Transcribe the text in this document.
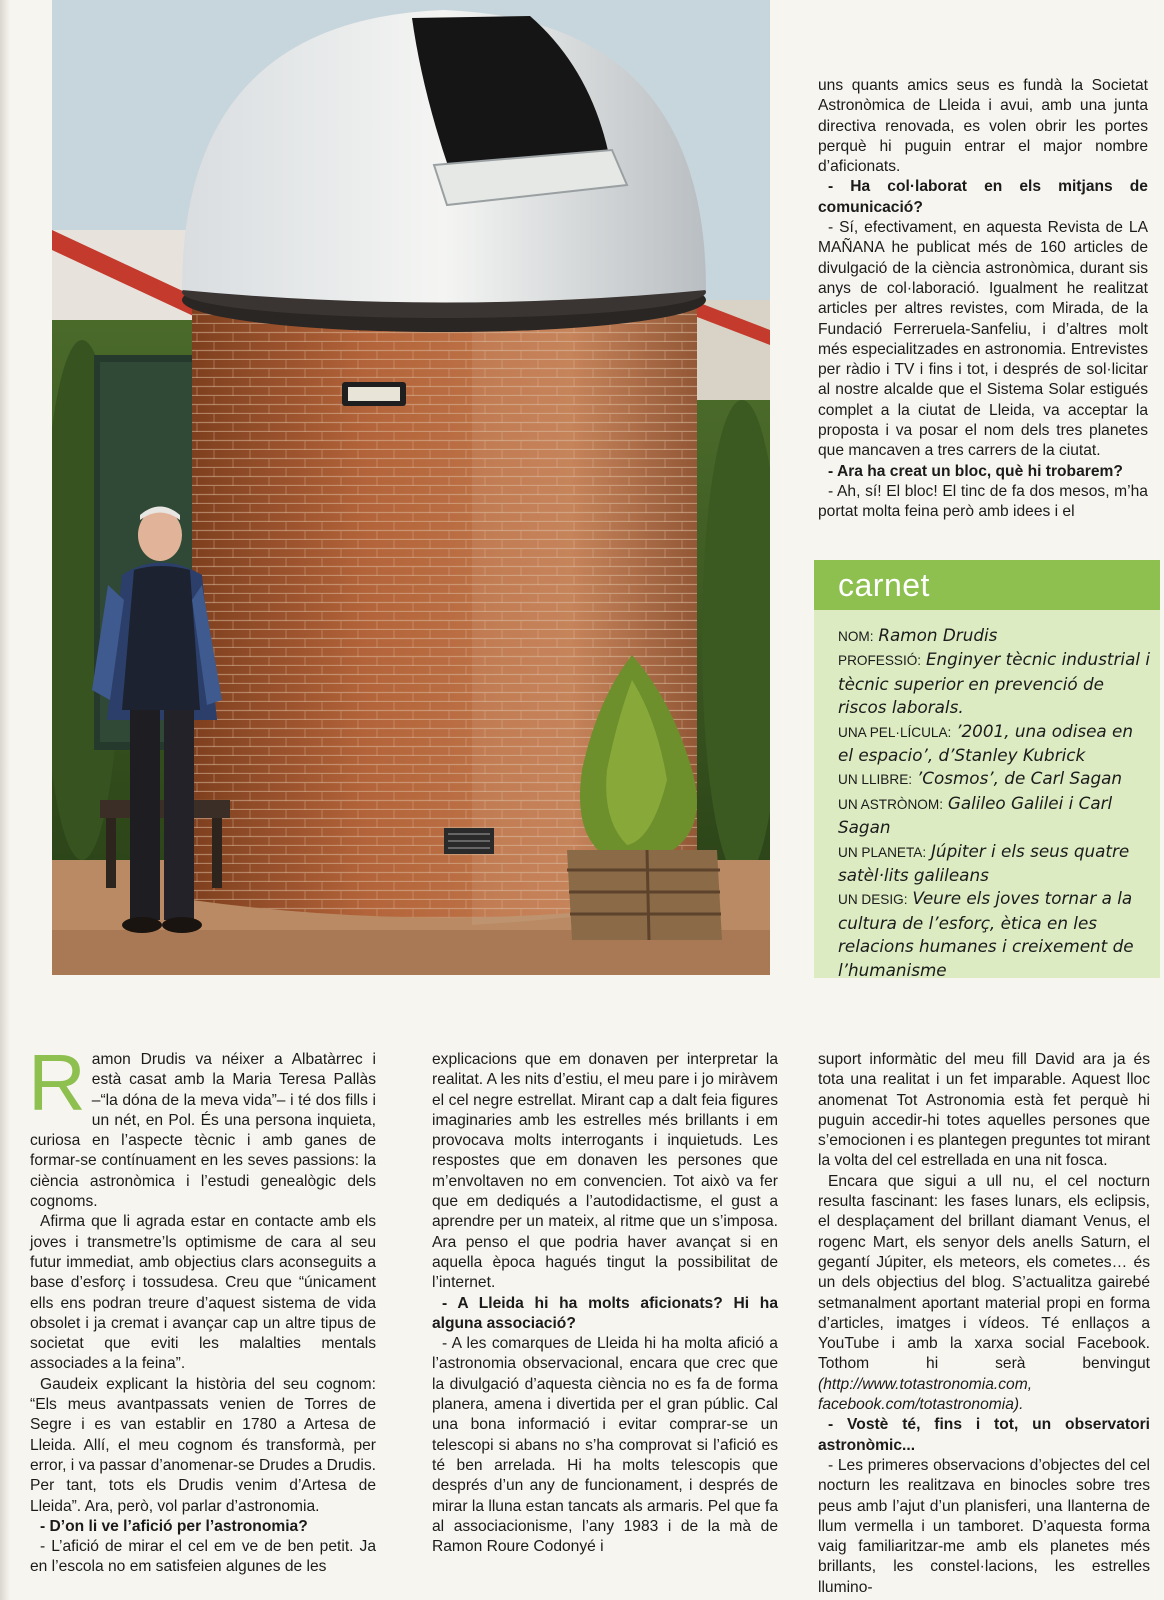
uns quants amics seus es fundà la Societat Astronòmica de Lleida i avui, amb una junta directiva renovada, es volen obrir les portes perquè hi puguin entrar el major nombre d’aficionats.

- Ha col·laborat en els mitjans de comunicació?

- Sí, efectivament, en aquesta Revista de LA MAÑANA he publicat més de 160 articles de divulgació de la ciència astronòmica, durant sis anys de col·laboració. Igualment he realitzat articles per altres revistes, com Mirada, de la Fundació Ferreruela-Sanfeliu, i d’altres molt més especialitzades en astronomia. Entrevistes per ràdio i TV i fins i tot, i després de sol·licitar al nostre alcalde que el Sistema Solar estigués complet a la ciutat de Lleida, va acceptar la proposta i va posar el nom dels tres planetes que mancaven a tres carrers de la ciutat.

- Ara ha creat un bloc, què hi trobarem?

- Ah, sí! El bloc! El tinc de fa dos mesos, m’ha portat molta feina però amb idees i el

carnet

NOM: Ramon Drudis

PROFESSIÓ: Enginyer tècnic industrial i tècnic superior en prevenció de riscos laborals.

UNA PEL·LÍCULA: ’2001, una odisea en el espacio’, d’Stanley Kubrick

UN LLIBRE: ’Cosmos’, de Carl Sagan

UN ASTRÒNOM: Galileo Galilei i Carl Sagan

UN PLANETA: Júpiter i els seus quatre satèl·lits galileans

UN DESIG: Veure els joves tornar a la cultura de l’esforç, ètica en les relacions humanes i creixement de l’humanisme

Ramon Drudis va néixer a Albatàrrec i està casat amb la Maria Teresa Pallàs –“la dóna de la meva vida”– i té dos fills i un nét, en Pol. És una persona inquieta, curiosa en l’aspecte tècnic i amb ganes de formar-se contínuament en les seves passions: la ciència astronòmica i l’estudi genealògic dels cognoms.

Afirma que li agrada estar en contacte amb els joves i transmetre’ls optimisme de cara al seu futur immediat, amb objectius clars aconseguits a base d’esforç i tossudesa. Creu que “únicament ells ens podran treure d’aquest sistema de vida obsolet i ja cremat i avançar cap un altre tipus de societat que eviti les malalties mentals associades a la feina”.

Gaudeix explicant la història del seu cognom: “Els meus avantpassats venien de Torres de Segre i es van establir en 1780 a Artesa de Lleida. Allí, el meu cognom és transformà, per error, i va passar d’anomenar-se Drudes a Drudis. Per tant, tots els Drudis venim d’Artesa de Lleida”. Ara, però, vol parlar d’astronomia.

- D’on li ve l’afició per l’astronomia?

- L’afició de mirar el cel em ve de ben petit. Ja en l’escola no em satisfeien algunes de les

explicacions que em donaven per interpretar la realitat. A les nits d’estiu, el meu pare i jo miràvem el cel negre estrellat. Mirant cap a dalt feia figures imaginaries amb les estrelles més brillants i em provocava molts interrogants i inquietuds. Les respostes que em donaven les persones que m’envoltaven no em convencien. Tot això va fer que em dediqués a l’autodidactisme, el gust a aprendre per un mateix, al ritme que un s’imposa. Ara penso el que podria haver avançat si en aquella època hagués tingut la possibilitat de l’internet.

- A Lleida hi ha molts aficionats? Hi ha alguna associació?

- A les comarques de Lleida hi ha molta afició a l’astronomia observacional, encara que crec que la divulgació d’aquesta ciència no es fa de forma planera, amena i divertida per el gran públic. Cal una bona informació i evitar comprar-se un telescopi si abans no s’ha comprovat si l’afició es té ben arrelada. Hi ha molts telescopis que després d’un any de funcionament, i després de mirar la lluna estan tancats als armaris. Pel que fa al associacionisme, l’any 1983 i de la mà de Ramon Roure Codonyé i

suport informàtic del meu fill David ara ja és tota una realitat i un fet imparable. Aquest lloc anomenat Tot Astronomia està fet perquè hi puguin accedir-hi totes aquelles persones que s’emocionen i es plantegen preguntes tot mirant la volta del cel estrellada en una nit fosca.

Encara que sigui a ull nu, el cel nocturn resulta fascinant: les fases lunars, els eclipsis, el desplaçament del brillant diamant Venus, el rogenc Mart, els senyor dels anells Saturn, el gegantí Júpiter, els meteors, els cometes… és un dels objectius del blog. S’actualitza gairebé setmanalment aportant material propi en forma d’articles, imatges i vídeos. Té enllaços a YouTube i amb la xarxa social Facebook. Tothom hi serà benvingut (http://www.totastronomia.com, facebook.com/totastronomia).

- Vostè té, fins i tot, un observatori astronòmic...

- Les primeres observacions d’objectes del cel nocturn les realitzava en binocles sobre tres peus amb l’ajut d’un planisferi, una llanterna de llum vermella i un tamboret. D’aquesta forma vaig familiaritzar-me amb els planetes més brillants, les constel·lacions, les estrelles llumino-
